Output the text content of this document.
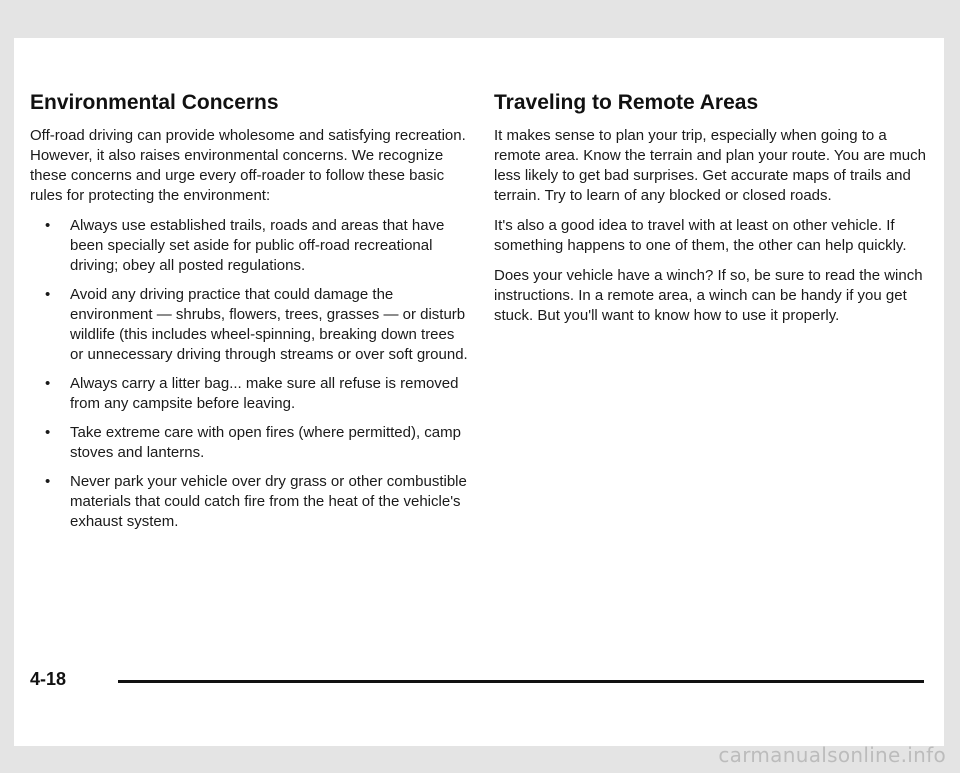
Environmental Concerns

Off-road driving can provide wholesome and satisfying recreation. However, it also raises environmental concerns. We recognize these concerns and urge every off-roader to follow these basic rules for protecting the environment:

• Always use established trails, roads and areas that have been specially set aside for public off-road recreational driving; obey all posted regulations.
• Avoid any driving practice that could damage the environment — shrubs, flowers, trees, grasses — or disturb wildlife (this includes wheel-spinning, breaking down trees or unnecessary driving through streams or over soft ground.
• Always carry a litter bag... make sure all refuse is removed from any campsite before leaving.
• Take extreme care with open fires (where permitted), camp stoves and lanterns.
• Never park your vehicle over dry grass or other combustible materials that could catch fire from the heat of the vehicle's exhaust system.
Traveling to Remote Areas

It makes sense to plan your trip, especially when going to a remote area. Know the terrain and plan your route. You are much less likely to get bad surprises. Get accurate maps of trails and terrain. Try to learn of any blocked or closed roads.

It's also a good idea to travel with at least on other vehicle. If something happens to one of them, the other can help quickly.

Does your vehicle have a winch? If so, be sure to read the winch instructions. In a remote area, a winch can be handy if you get stuck. But you'll want to know how to use it properly.

4-18
carmanualsonline.info
